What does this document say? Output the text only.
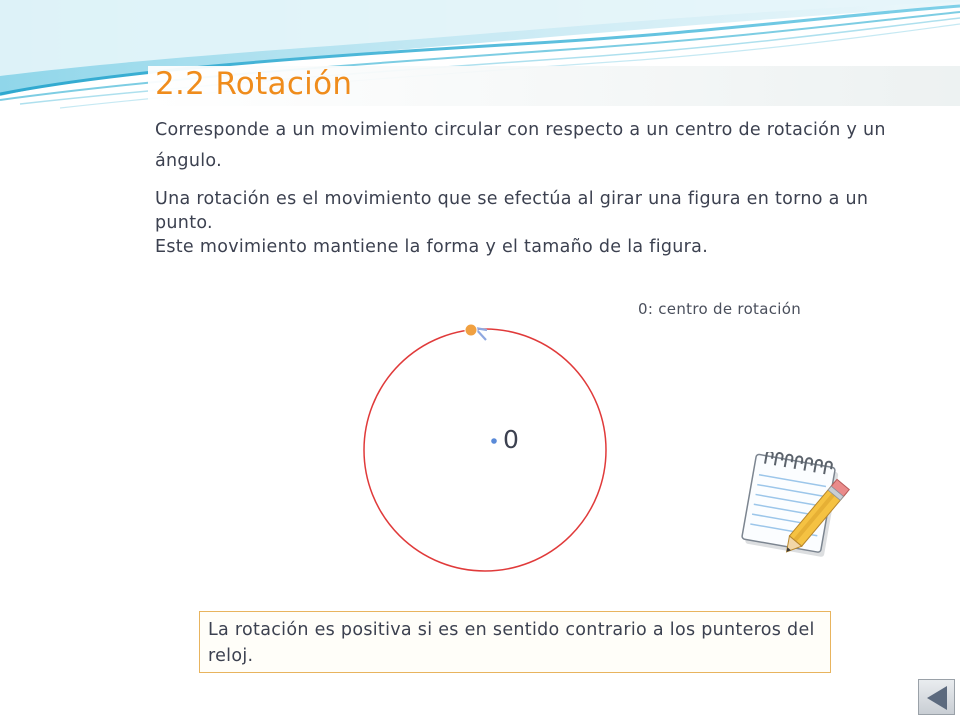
2.2 Rotación

Corresponde a un movimiento circular con respecto a un centro de rotación y un ángulo.

Una rotación es el movimiento que se efectúa al girar una figura en torno a un punto.
Este movimiento mantiene la forma y el tamaño de la figura.

0: centro de rotación

0

La rotación es positiva si es en sentido contrario a los punteros del reloj.
